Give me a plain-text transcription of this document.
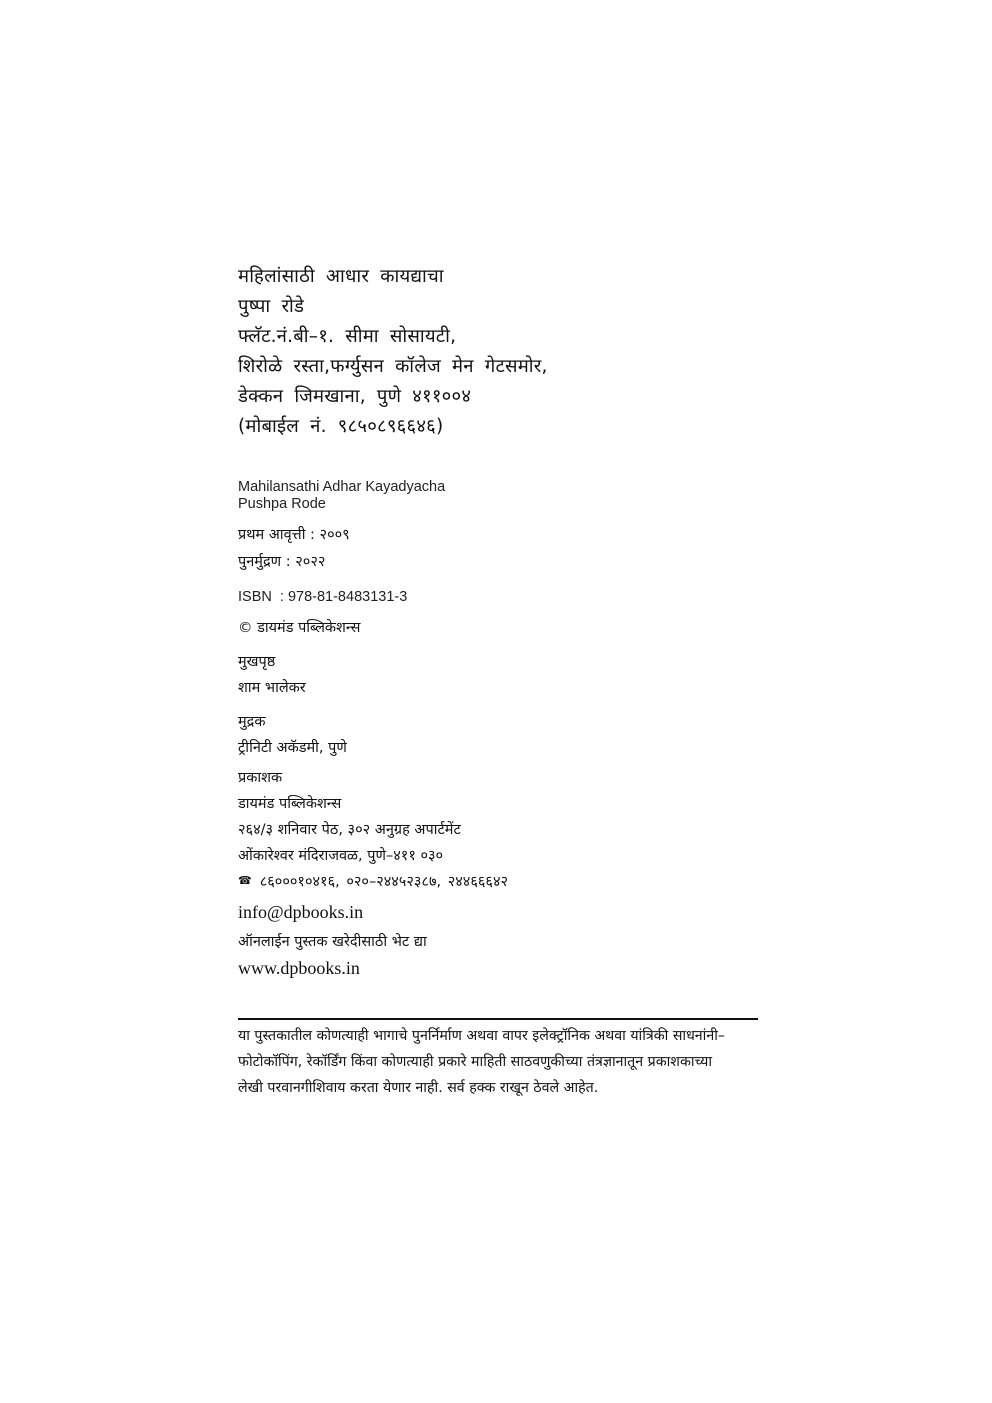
महिलांसाठी आधार कायद्याचा
पुष्पा रोडे
फ्लॅट.नं.बी–१. सीमा सोसायटी,
शिरोळे रस्ता,फर्ग्युसन कॉलेज मेन गेटसमोर,
डेक्कन जिमखाना, पुणे ४११००४
(मोबाईल नं. ९८५०८९६६४६)
Mahilansathi Adhar Kayadyacha
Pushpa Rode
प्रथम आवृत्ती : २००९
पुनर्मुद्रण : २०२२
ISBN  : 978-81-8483131-3
© डायमंड पब्लिकेशन्स
मुखपृष्ठ
शाम भालेकर
मुद्रक
ट्रीनिटी अकॅडमी, पुणे
प्रकाशक
डायमंड पब्लिकेशन्स
२६४/३ शनिवार पेठ, ३०२ अनुग्रह अपार्टमेंट
ओंकारेश्वर मंदिराजवळ, पुणे–४११ ०३०
☎ ८६०००१०४१६, ०२०–२४४५२३८७, २४४६६६४२
info@dpbooks.in
ऑनलाईन पुस्तक खरेदीसाठी भेट द्या
www.dpbooks.in
या पुस्तकातील कोणत्याही भागाचे पुनर्निर्माण अथवा वापर इलेक्ट्रॉनिक अथवा यांत्रिकी साधनांनी–
फोटोकॉपिंग, रेकॉर्डिंग किंवा कोणत्याही प्रकारे माहिती साठवणुकीच्या तंत्रज्ञानातून प्रकाशकाच्या
लेखी परवानगीशिवाय करता येणार नाही. सर्व हक्क राखून ठेवले आहेत.
